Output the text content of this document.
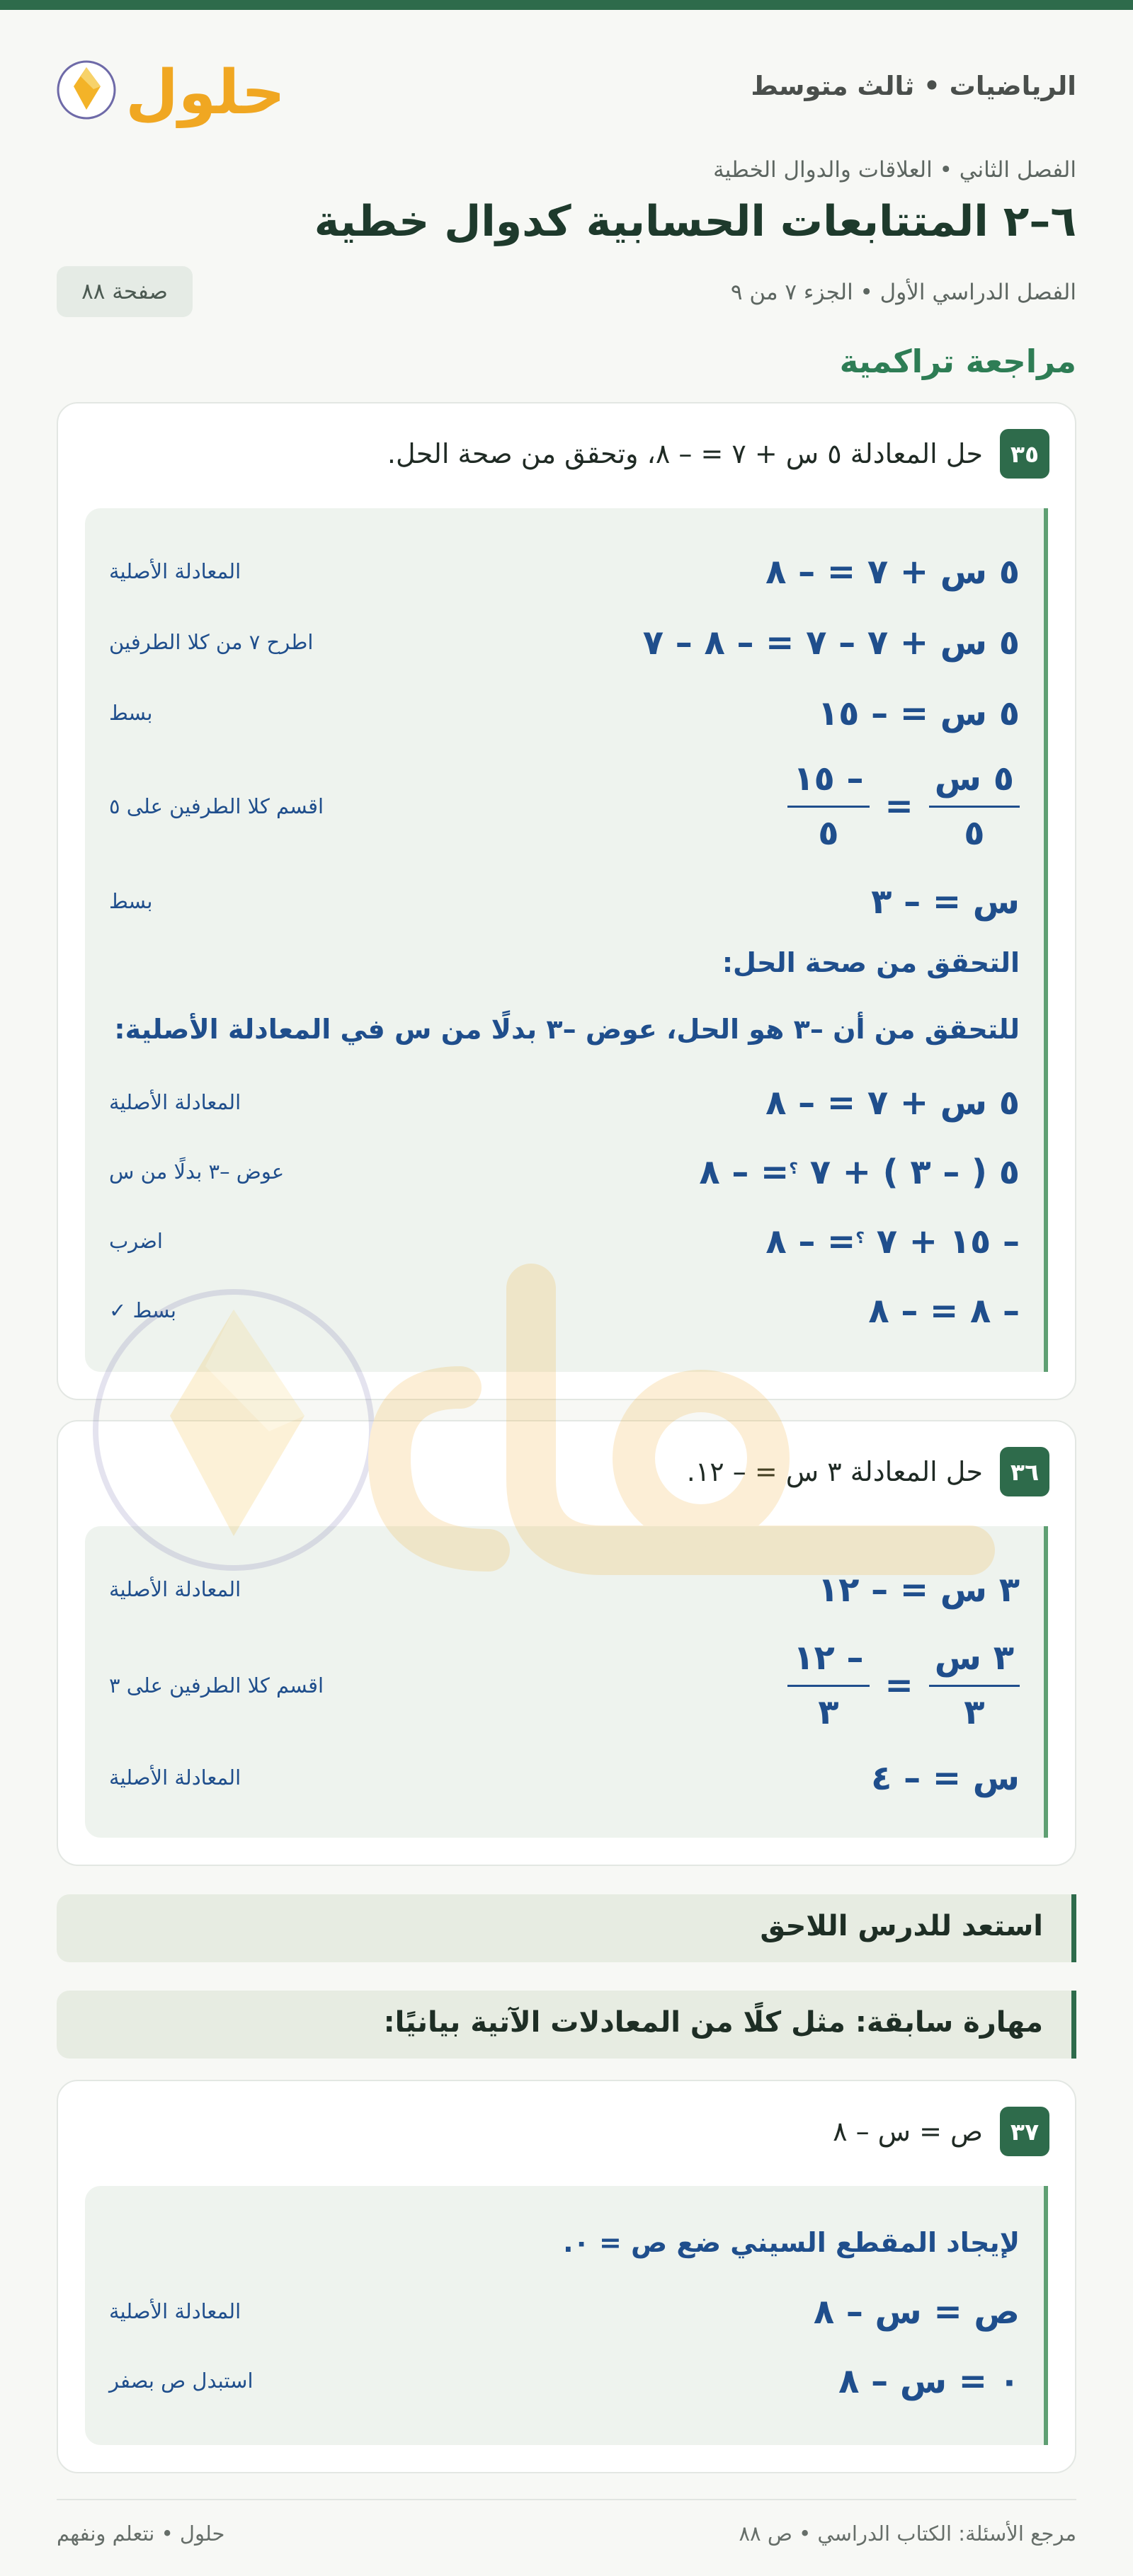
الرياضيات • ثالث متوسط
حلول
الفصل الثاني • العلاقات والدوال الخطية
٦–٢ المتتابعات الحسابية كدوال خطية
الفصل الدراسي الأول • الجزء ٧ من ٩
صفحة ٨٨
مراجعة تراكمية
٣٥
حل المعادلة ٥ س + ٧ = – ٨، وتحقق من صحة الحل.
٥ س + ٧ = – ٨
المعادلة الأصلية
٥ س + ٧ – ٧ = – ٨ – ٧
اطرح ٧ من كلا الطرفين
٥ س = – ١٥
بسط
$\frac{\text{٥ س}}{٥}$
=
$\frac{- ١٥}{٥}$
اقسم كلا الطرفين على ٥
س = – ٣
بسط
التحقق من صحة الحل:
للتحقق من أن –٣ هو الحل، عوض –٣ بدلًا من س في المعادلة الأصلية:
٥ س + ٧ = – ٨
المعادلة الأصلية
٥ ( – ٣ ) + ٧ ؟= – ٨
عوض –٣ بدلًا من س
– ١٥ + ٧ ؟= – ٨
اضرب
– ٨ = – ٨
بسط ✓
٣٦
حل المعادلة ٣ س = – ١٢.
٣ س = – ١٢
المعادلة الأصلية
$\frac{\text{٣ س}}{٣}$
=
$\frac{- ١٢}{٣}$
اقسم كلا الطرفين على ٣
س = – ٤
المعادلة الأصلية
استعد للدرس اللاحق
مهارة سابقة: مثل كلًا من المعادلات الآتية بيانيًا:
٣٧
ص = س – ٨
لإيجاد المقطع السيني ضع ص = ٠.
ص = س – ٨
المعادلة الأصلية
٠ = س – ٨
استبدل ص بصفر
مرجع الأسئلة: الكتاب الدراسي • ص ٨٨
حلول • نتعلم ونفهم
